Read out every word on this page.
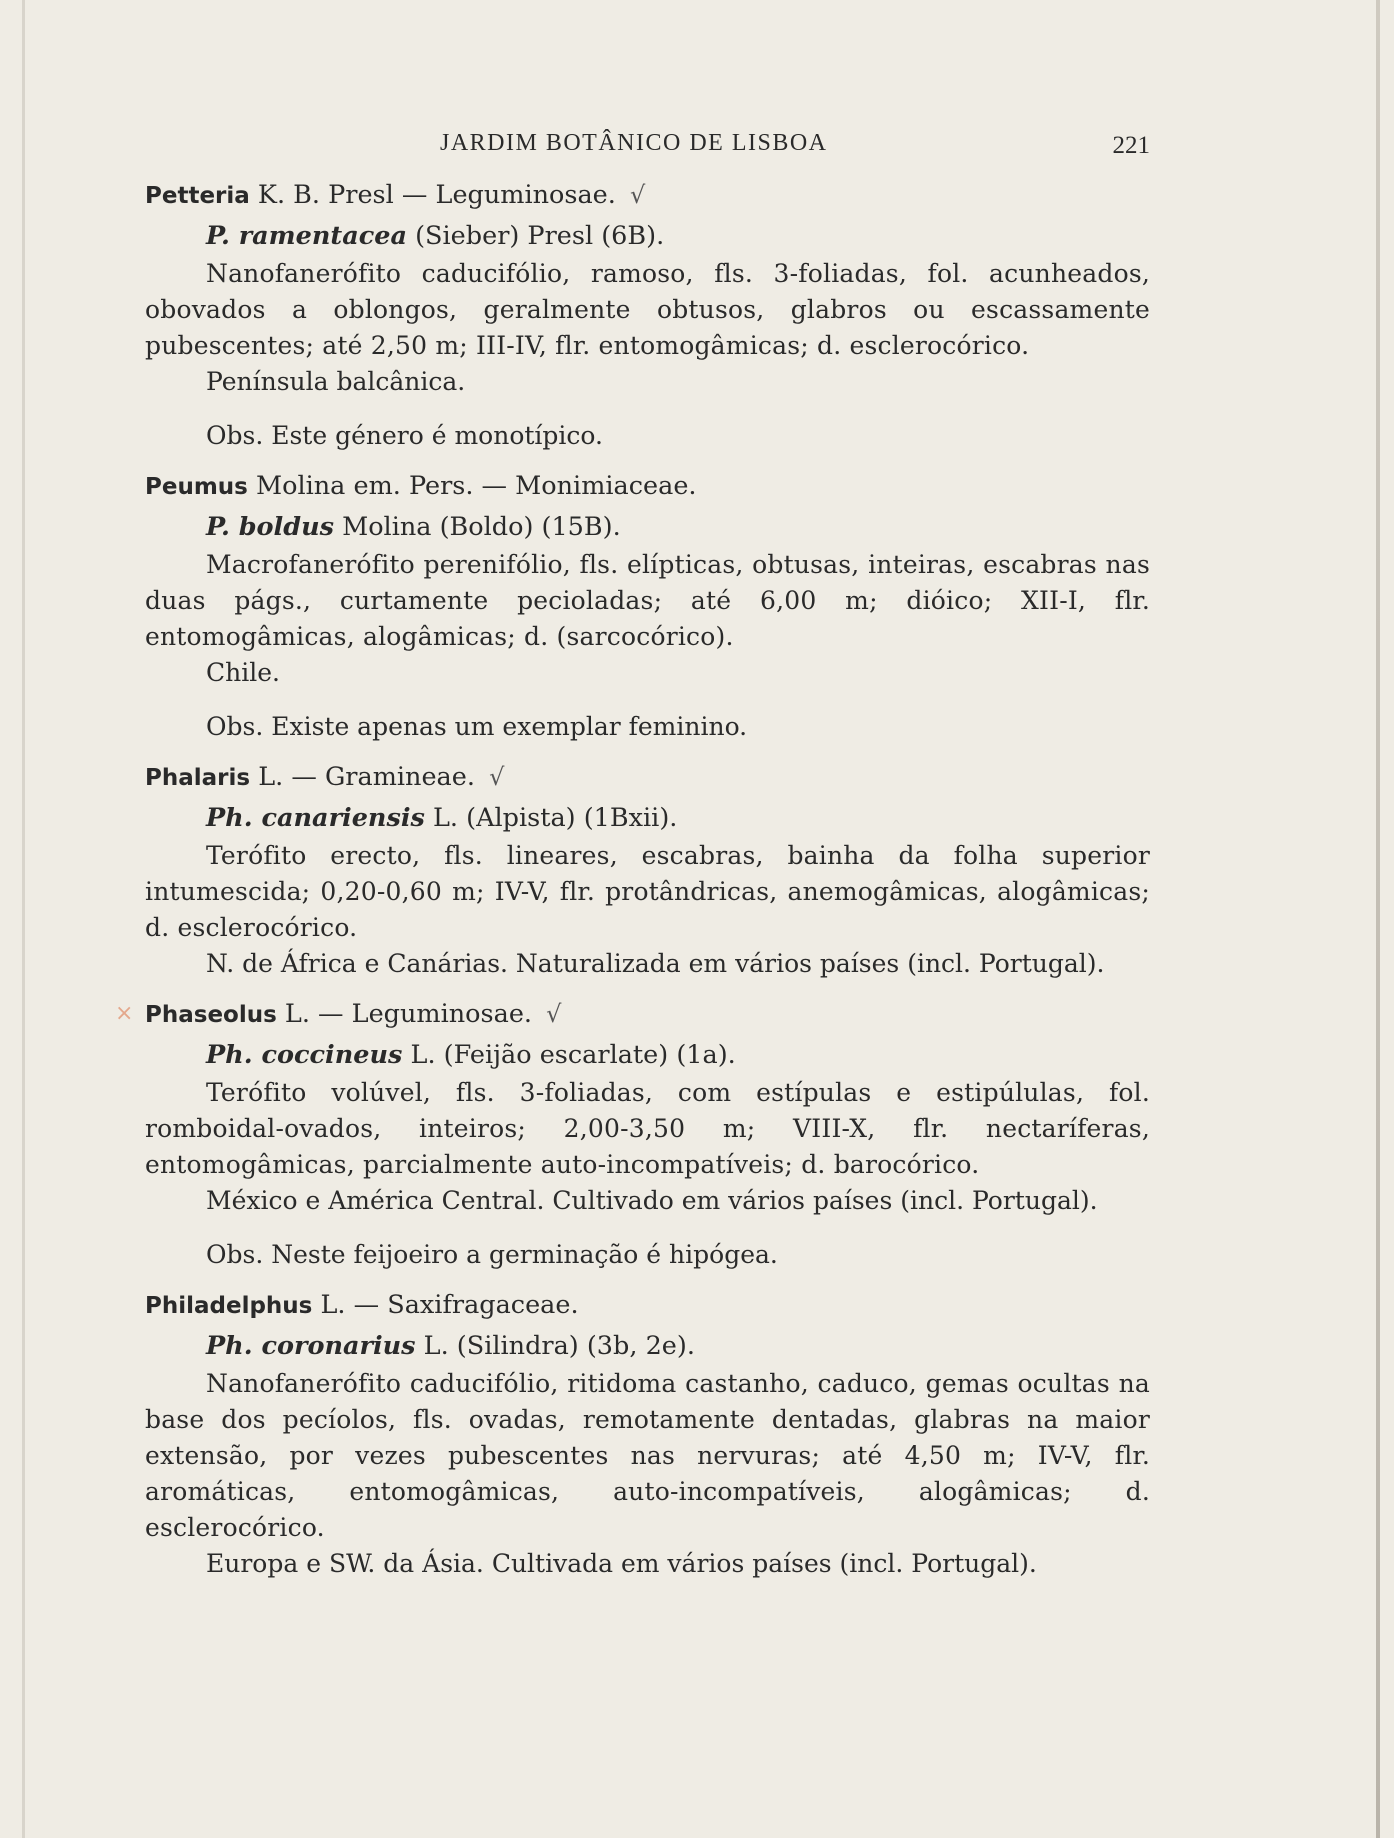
JARDIM BOTÂNICO DE LISBOA	221
Petteria K. B. Presl — Leguminosae. √
P. ramentacea (Sieber) Presl (6B).

Nanofanerófito caducifólio, ramoso, fls. 3-foliadas, fol. acunheados, obovados a oblongos, geralmente obtusos, glabros ou escassamente pubescentes; até 2,50 m; III-IV, flr. entomogâmicas; d. esclerocórico.

Península balcânica.

Obs. Este género é monotípico.

Peumus Molina em. Pers. — Monimiaceae.
P. boldus Molina (Boldo) (15B).

Macrofanerófito perenifólio, fls. elípticas, obtusas, inteiras, escabras nas duas págs., curtamente pecioladas; até 6,00 m; dióico; XII-I, flr. entomogâmicas, alogâmicas; d. (sarcocórico).

Chile.

Obs. Existe apenas um exemplar feminino.

Phalaris L. — Gramineae. √
Ph. canariensis L. (Alpista) (1Bxii).

Terófito erecto, fls. lineares, escabras, bainha da folha superior intumescida; 0,20-0,60 m; IV-V, flr. protândricas, anemogâmicas, alogâmicas; d. esclerocórico.

N. de África e Canárias. Naturalizada em vários países (incl. Portugal).

× Phaseolus L. — Leguminosae. √
Ph. coccineus L. (Feijão escarlate) (1a).

Terófito volúvel, fls. 3-foliadas, com estípulas e estipúlulas, fol. romboidal-ovados, inteiros; 2,00-3,50 m; VIII-X, flr. nectaríferas, entomogâmicas, parcialmente auto-incompatíveis; d. barocórico.

México e América Central. Cultivado em vários países (incl. Portugal).

Obs. Neste feijoeiro a germinação é hipógea.

Philadelphus L. — Saxifragaceae.
Ph. coronarius L. (Silindra) (3b, 2e).

Nanofanerófito caducifólio, ritidoma castanho, caduco, gemas ocultas na base dos pecíolos, fls. ovadas, remotamente dentadas, glabras na maior extensão, por vezes pubescentes nas nervuras; até 4,50 m; IV-V, flr. aromáticas, entomogâmicas, auto-incompatíveis, alogâmicas; d. esclerocórico.

Europa e SW. da Ásia. Cultivada em vários países (incl. Portugal).
